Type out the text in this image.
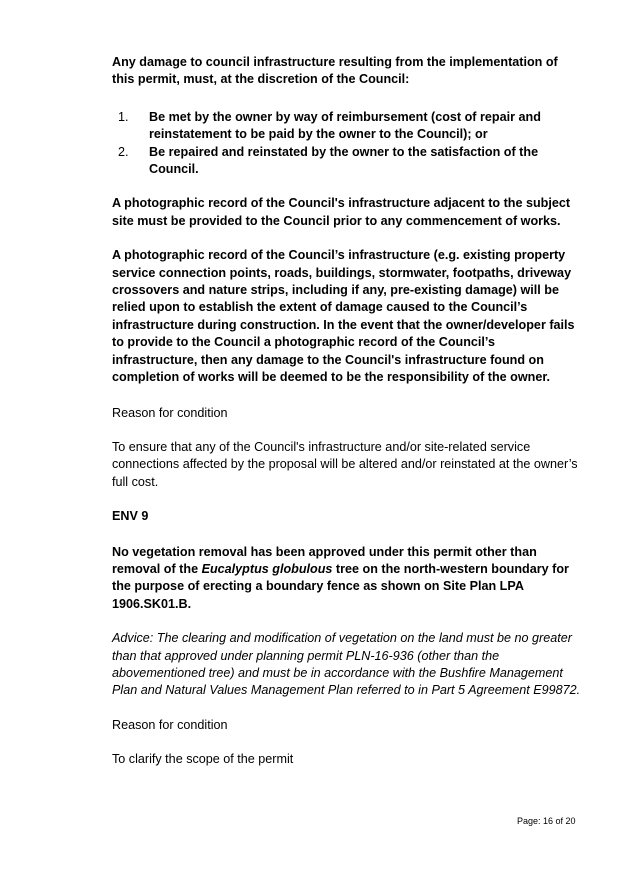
Any damage to council infrastructure resulting from the implementation of this permit, must, at the discretion of the Council:

1. Be met by the owner by way of reimbursement (cost of repair and reinstatement to be paid by the owner to the Council); or
2. Be repaired and reinstated by the owner to the satisfaction of the Council.

A photographic record of the Council's infrastructure adjacent to the subject site must be provided to the Council prior to any commencement of works.

A photographic record of the Council’s infrastructure (e.g. existing property service connection points, roads, buildings, stormwater, footpaths, driveway crossovers and nature strips, including if any, pre-existing damage) will be relied upon to establish the extent of damage caused to the Council’s infrastructure during construction. In the event that the owner/developer fails to provide to the Council a photographic record of the Council’s infrastructure, then any damage to the Council's infrastructure found on completion of works will be deemed to be the responsibility of the owner.

Reason for condition

To ensure that any of the Council's infrastructure and/or site-related service connections affected by the proposal will be altered and/or reinstated at the owner’s full cost.

ENV 9

No vegetation removal has been approved under this permit other than removal of the Eucalyptus globulous tree on the north-western boundary for the purpose of erecting a boundary fence as shown on Site Plan LPA 1906.SK01.B.

Advice: The clearing and modification of vegetation on the land must be no greater than that approved under planning permit PLN-16-936 (other than the abovementioned tree) and must be in accordance with the Bushfire Management Plan and Natural Values Management Plan referred to in Part 5 Agreement E99872.

Reason for condition

To clarify the scope of the permit

Page: 16 of 20
